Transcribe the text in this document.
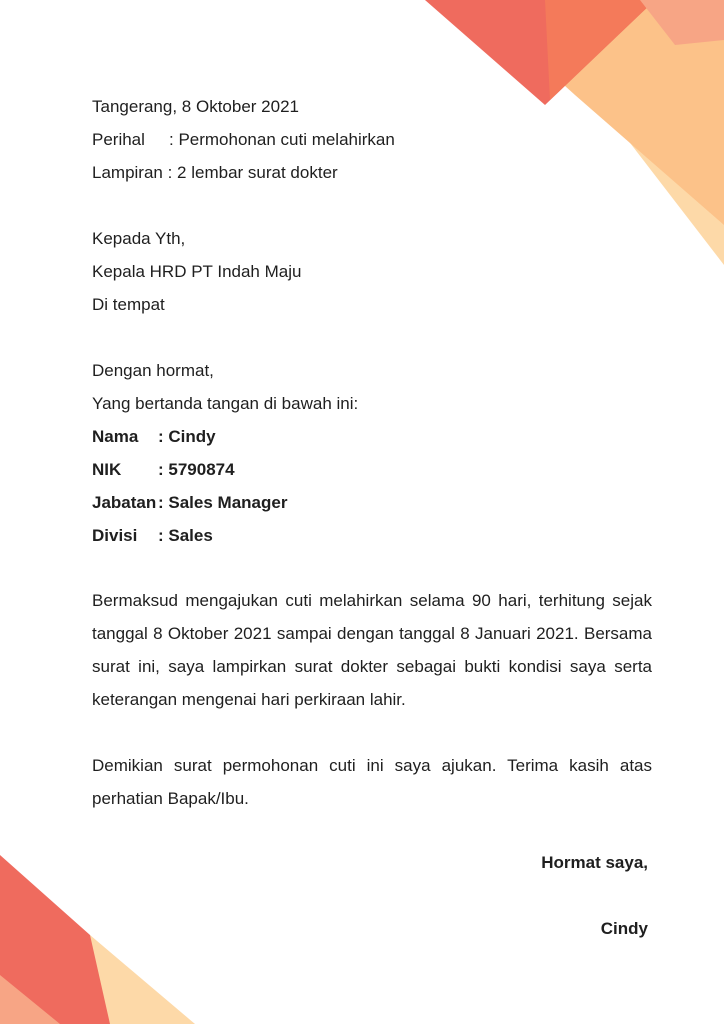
Tangerang, 8 Oktober 2021
Perihal : Permohonan cuti melahirkan
Lampiran : 2 lembar surat dokter
Kepada Yth,
Kepala HRD PT Indah Maju
Di tempat
Dengan hormat,
Yang bertanda tangan di bawah ini:
Nama : Cindy
NIK : 5790874
Jabatan : Sales Manager
Divisi : Sales
Bermaksud mengajukan cuti melahirkan selama 90 hari, terhitung sejak tanggal 8 Oktober 2021 sampai dengan tanggal 8 Januari 2021. Bersama surat ini, saya lampirkan surat dokter sebagai bukti kondisi saya serta keterangan mengenai hari perkiraan lahir.
Demikian surat permohonan cuti ini saya ajukan. Terima kasih atas perhatian Bapak/Ibu.
Hormat saya,
Cindy
